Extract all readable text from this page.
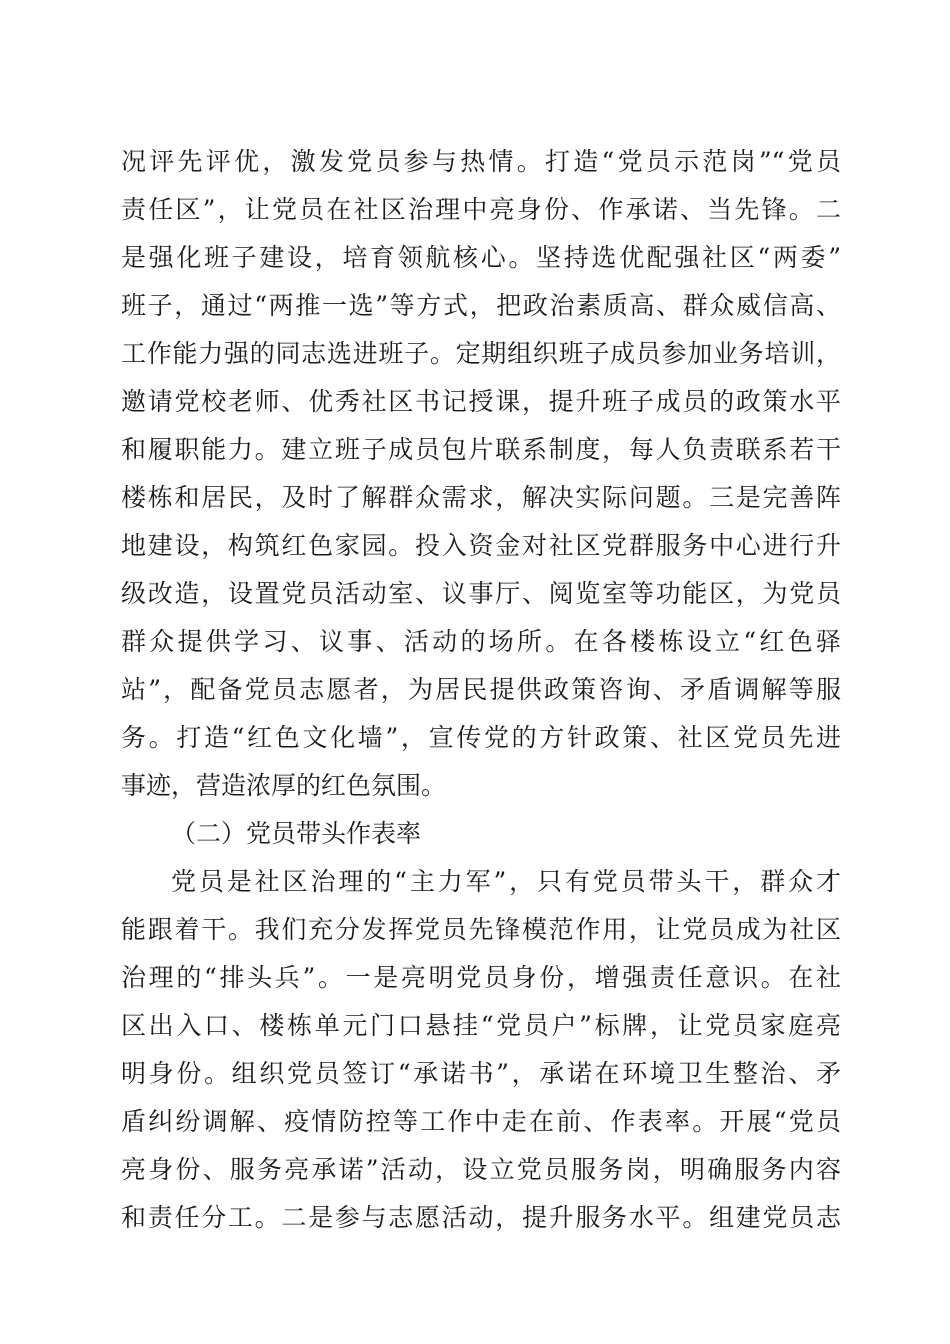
况评先评优，激发党员参与热情。打造“党员示范岗”“党员
责任区”，让党员在社区治理中亮身份、作承诺、当先锋。二
是强化班子建设，培育领航核心。坚持选优配强社区“两委”
班子，通过“两推一选”等方式，把政治素质高、群众威信高、
工作能力强的同志选进班子。定期组织班子成员参加业务培训，
邀请党校老师、优秀社区书记授课，提升班子成员的政策水平
和履职能力。建立班子成员包片联系制度，每人负责联系若干
楼栋和居民，及时了解群众需求，解决实际问题。三是完善阵
地建设，构筑红色家园。投入资金对社区党群服务中心进行升
级改造，设置党员活动室、议事厅、阅览室等功能区，为党员
群众提供学习、议事、活动的场所。在各楼栋设立“红色驿
站”，配备党员志愿者，为居民提供政策咨询、矛盾调解等服
务。打造“红色文化墙”，宣传党的方针政策、社区党员先进
事迹，营造浓厚的红色氛围。
（二）党员带头作表率
党员是社区治理的“主力军”，只有党员带头干，群众才
能跟着干。我们充分发挥党员先锋模范作用，让党员成为社区
治理的“排头兵”。一是亮明党员身份，增强责任意识。在社
区出入口、楼栋单元门口悬挂“党员户”标牌，让党员家庭亮
明身份。组织党员签订“承诺书”，承诺在环境卫生整治、矛
盾纠纷调解、疫情防控等工作中走在前、作表率。开展“党员
亮身份、服务亮承诺”活动，设立党员服务岗，明确服务内容
和责任分工。二是参与志愿活动，提升服务水平。组建党员志
